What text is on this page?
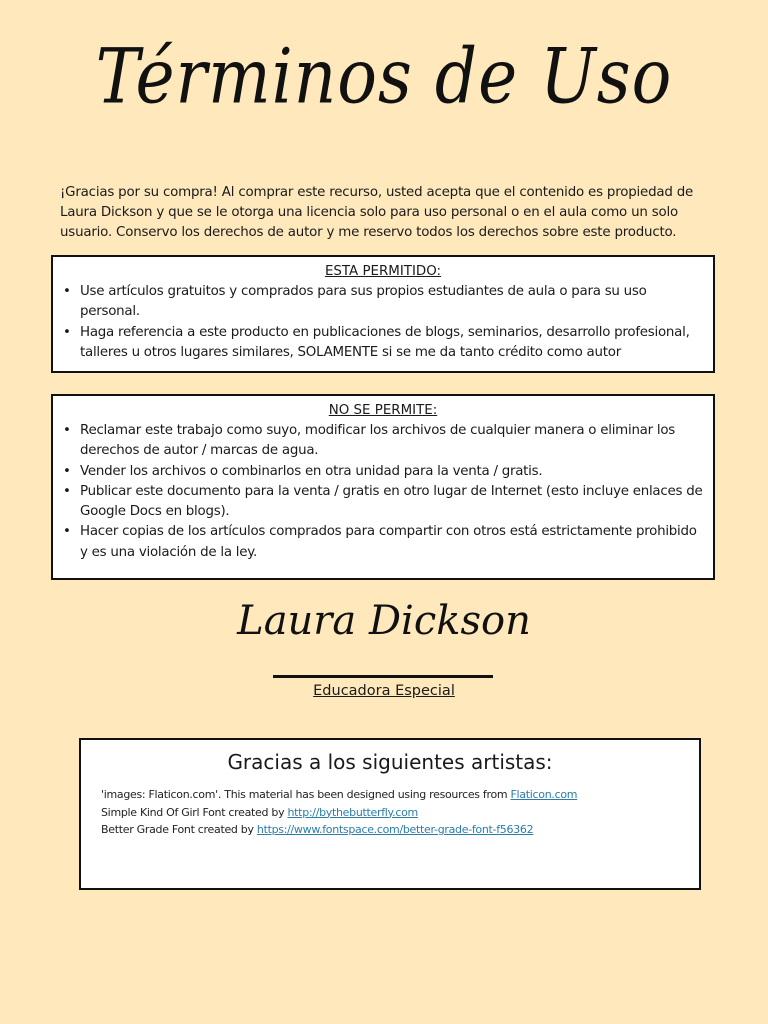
Términos de Uso

¡Gracias por su compra! Al comprar este recurso, usted acepta que el contenido es propiedad de Laura Dickson y que se le otorga una licencia solo para uso personal o en el aula como un solo usuario. Conservo los derechos de autor y me reservo todos los derechos sobre este producto.

ESTA PERMITIDO:
• Use artículos gratuitos y comprados para sus propios estudiantes de aula o para su uso personal.
• Haga referencia a este producto en publicaciones de blogs, seminarios, desarrollo profesional, talleres u otros lugares similares, SOLAMENTE si se me da tanto crédito como autor
NO SE PERMITE:
• Reclamar este trabajo como suyo, modificar los archivos de cualquier manera o eliminar los derechos de autor / marcas de agua.
• Vender los archivos o combinarlos en otra unidad para la venta / gratis.
• Publicar este documento para la venta / gratis en otro lugar de Internet (esto incluye enlaces de Google Docs en blogs).
• Hacer copias de los artículos comprados para compartir con otros está estrictamente prohibido y es una violación de la ley.
Laura Dickson
Educadora Especial
Gracias a los siguientes artistas:
'images: Flaticon.com'. This material has been designed using resources from Flaticon.com
Simple Kind Of Girl Font created by http://bythebutterfly.com
Better Grade Font created by https://www.fontspace.com/better-grade-font-f56362
